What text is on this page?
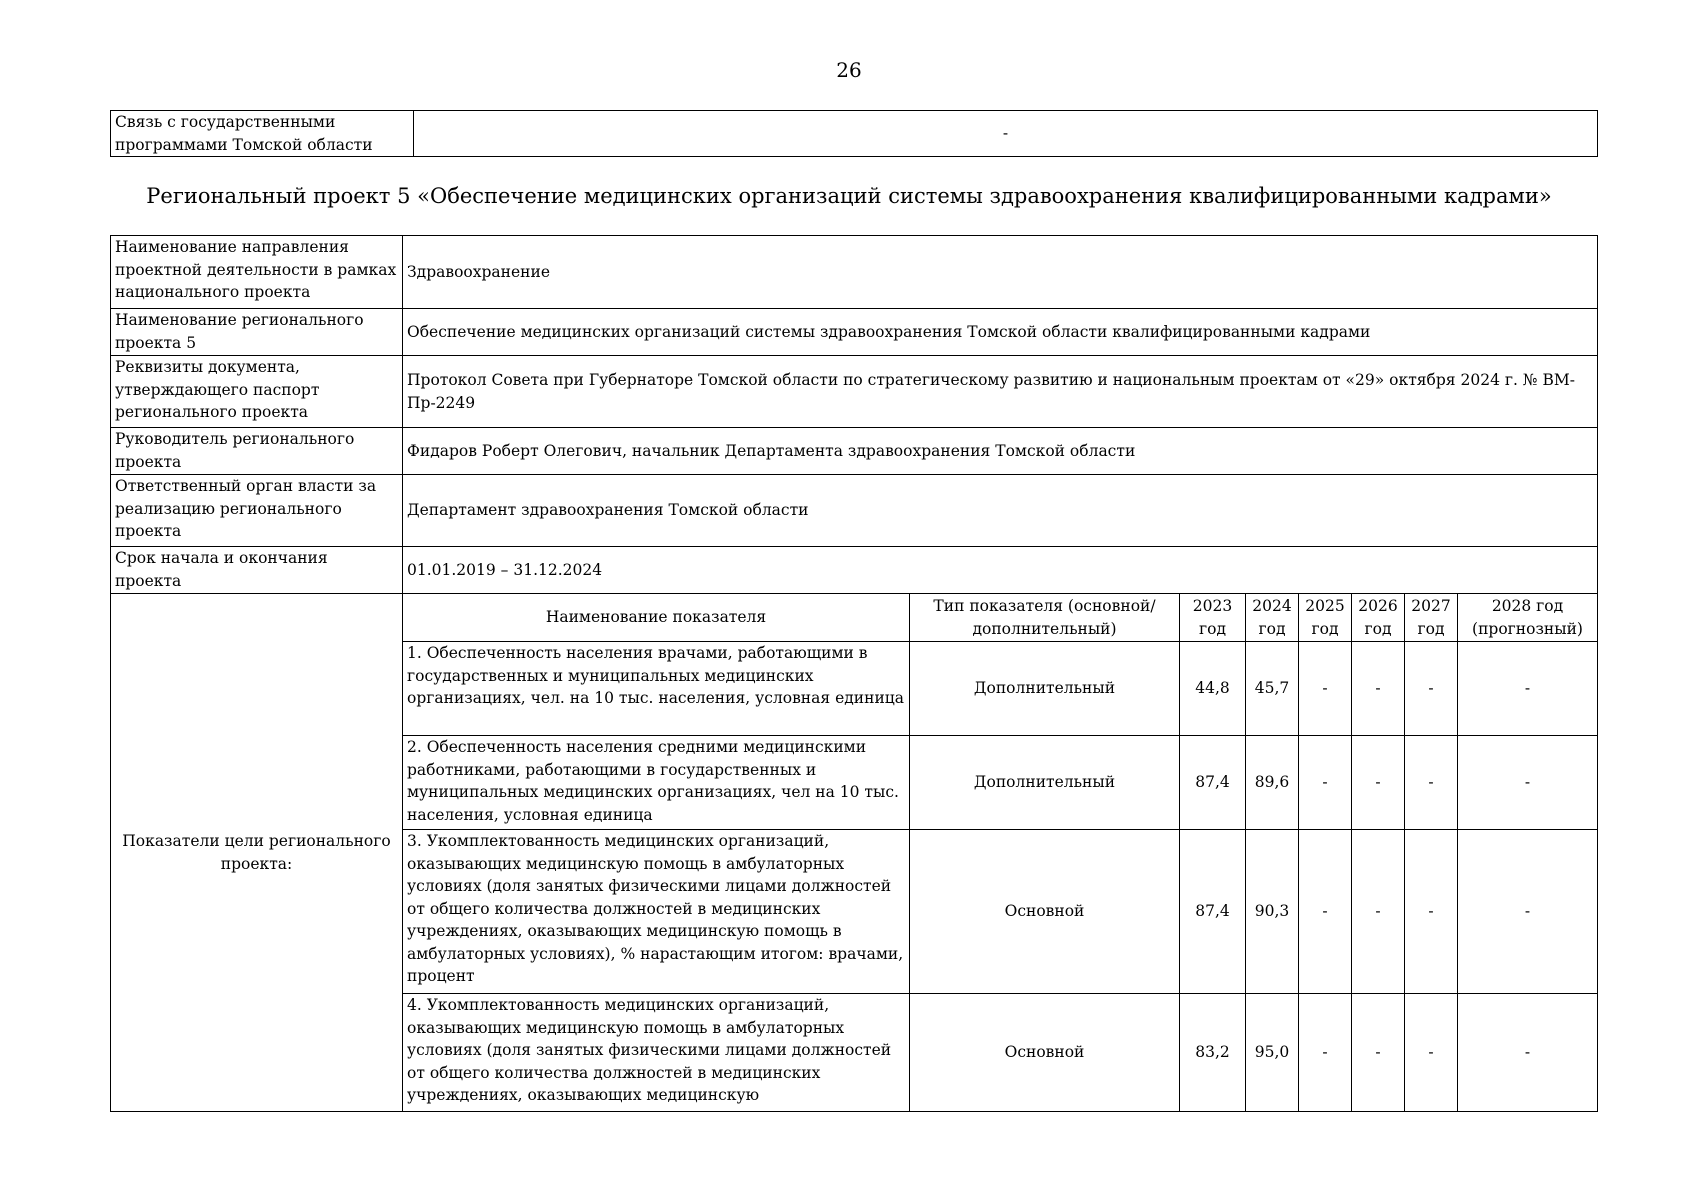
26
Связь с государственными программами Томской области	-
Региональный проект 5 «Обеспечение медицинских организаций системы здравоохранения квалифицированными кадрами»
Наименование направления проектной деятельности в рамках национального проекта	Здравоохранение							
Наименование регионального проекта 5	Обеспечение медицинских организаций системы здравоохранения Томской области квалифицированными кадрами							
Реквизиты документа, утверждающего паспорт регионального проекта	Протокол Совета при Губернаторе Томской области по стратегическому развитию и национальным проектам от «29» октября 2024 г. № ВМ-Пр-2249							
Руководитель регионального проекта	Фидаров Роберт Олегович, начальник Департамента здравоохранения Томской области							
Ответственный орган власти за реализацию регионального проекта	Департамент здравоохранения Томской области							
Срок начала и окончания проекта	01.01.2019 – 31.12.2024							
Показатели цели регионального проекта:	Наименование показателя	Тип показателя (основной/дополнительный)	2023 год	2024 год	2025 год	2026 год	2027 год	2028 год (прогнозный)
	1. Обеспеченность населения врачами, работающими в государственных и муниципальных медицинских организациях, чел. на 10 тыс. населения, условная единица	Дополнительный	44,8	45,7	-	-	-	-
	2. Обеспеченность населения средними медицинскими работниками, работающими в государственных и муниципальных медицинских организациях, чел на 10 тыс. населения, условная единица	Дополнительный	87,4	89,6	-	-	-	-
	3. Укомплектованность медицинских организаций, оказывающих медицинскую помощь в амбулаторных условиях (доля занятых физическими лицами должностей от общего количества должностей в медицинских учреждениях, оказывающих медицинскую помощь в амбулаторных условиях), % нарастающим итогом: врачами, процент	Основной	87,4	90,3	-	-	-	-
	4. Укомплектованность медицинских организаций, оказывающих медицинскую помощь в амбулаторных условиях (доля занятых физическими лицами должностей от общего количества должностей в медицинских учреждениях, оказывающих медицинскую	Основной	83,2	95,0	-	-	-	-
